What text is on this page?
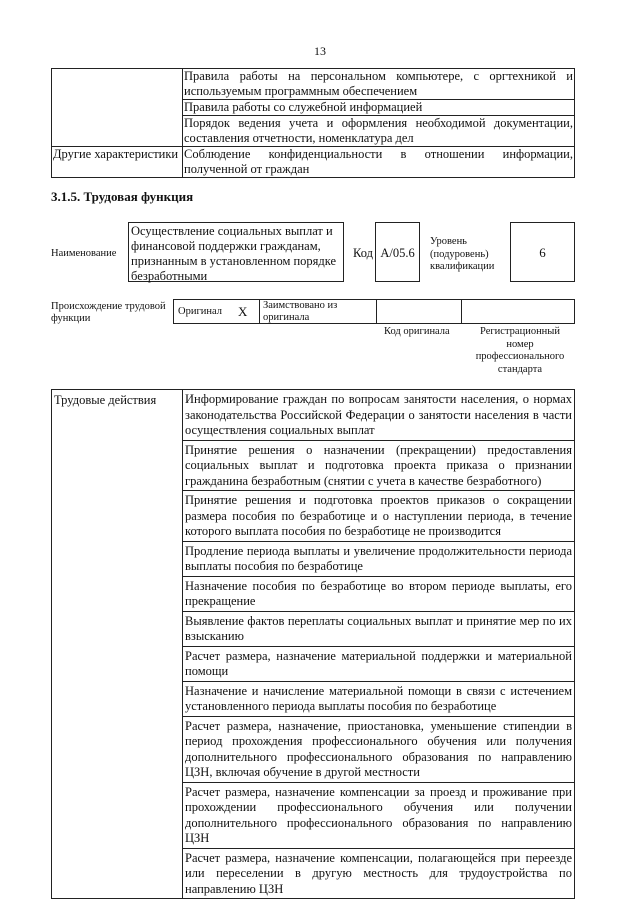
13
	Правила работы на персональном компьютере, с оргтехникой и используемым программным обеспечением
	Правила работы со служебной информацией
	Порядок ведения учета и оформления необходимой документации, составления отчетности, номенклатура дел
Другие характеристики	Соблюдение конфиденциальности в отношении информации, полученной от граждан
3.1.5. Трудовая функция
Наименование
Осуществление социальных выплат и финансовой поддержки гражданам, признанным в установленном порядке безработными
Код А/05.6
Уровень (подуровень) квалификации
6
Происхождение трудовой функции
Оригинал X Заимствовано из оригинала
Код оригинала	Регистрационный номер профессионального стандарта
Трудовые действия	Информирование граждан по вопросам занятости населения, о нормах законодательства Российской Федерации о занятости населения в части осуществления социальных выплат
Принятие решения о назначении (прекращении) предоставления социальных выплат и подготовка проекта приказа о признании гражданина безработным (снятии с учета в качестве безработного)
Принятие решения и подготовка проектов приказов о сокращении размера пособия по безработице и о наступлении периода, в течение которого выплата пособия по безработице не производится
Продление периода выплаты и увеличение продолжительности периода выплаты пособия по безработице
Назначение пособия по безработице во втором периоде выплаты, его прекращение
Выявление фактов переплаты социальных выплат и принятие мер по их взысканию
Расчет размера, назначение материальной поддержки и материальной помощи
Назначение и начисление материальной помощи в связи с истечением установленного периода выплаты пособия по безработице
Расчет размера, назначение, приостановка, уменьшение стипендии в период прохождения профессионального обучения или получения дополнительного профессионального образования по направлению ЦЗН, включая обучение в другой местности
Расчет размера, назначение компенсации за проезд и проживание при прохождении профессионального обучения или получении дополнительного профессионального образования по направлению ЦЗН
Расчет размера, назначение компенсации, полагающейся при переезде или переселении в другую местность для трудоустройства по направлению ЦЗН
